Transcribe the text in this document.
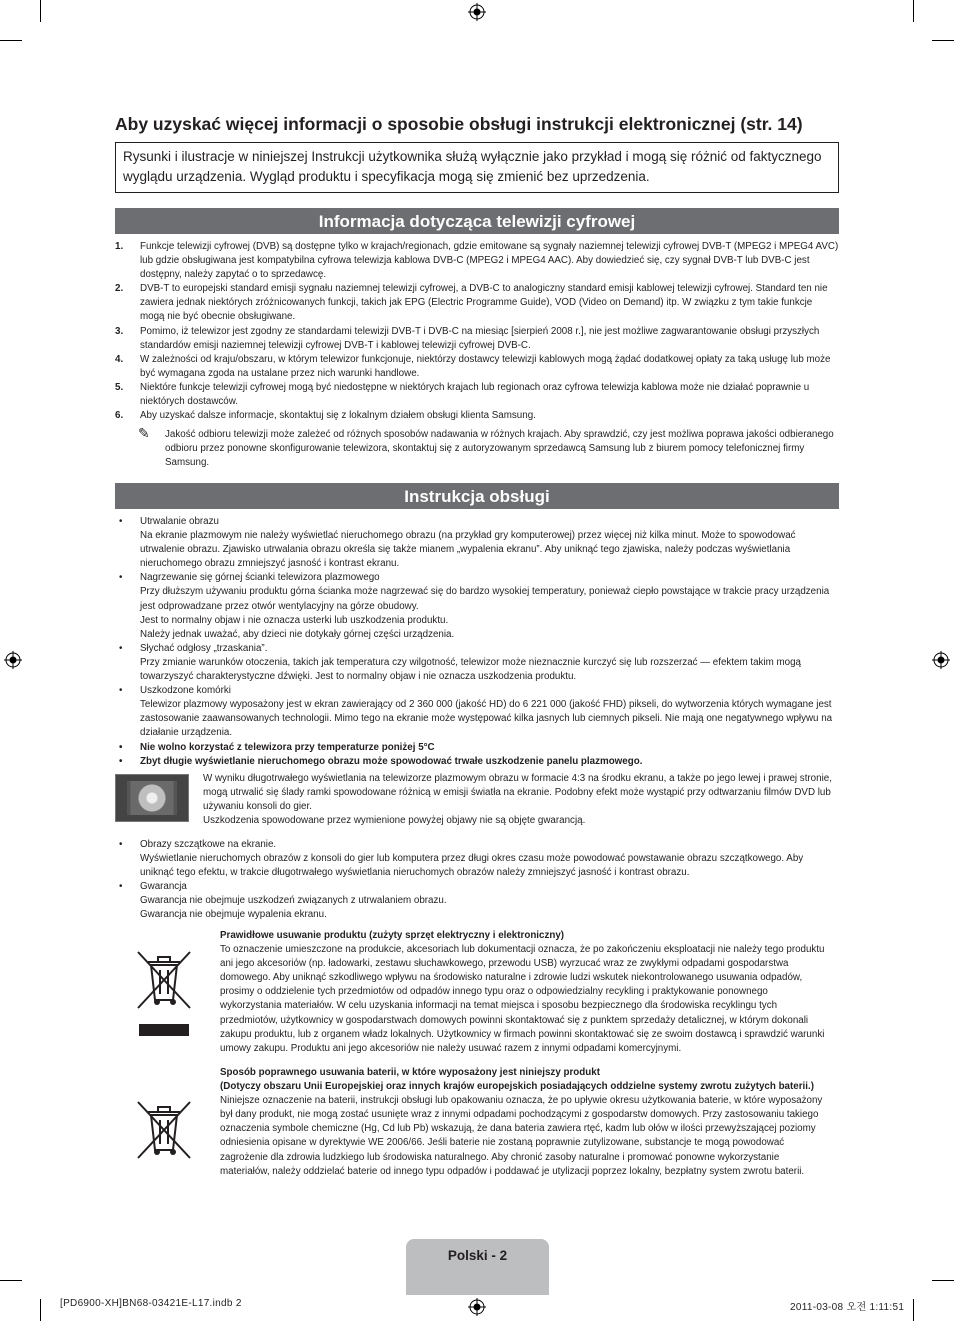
Aby uzyskać więcej informacji o sposobie obsługi instrukcji elektronicznej (str. 14)
Rysunki i ilustracje w niniejszej Instrukcji użytkownika służą wyłącznie jako przykład i mogą się różnić od faktycznego wyglądu urządzenia. Wygląd produktu i specyfikacja mogą się zmienić bez uprzedzenia.
Informacja dotycząca telewizji cyfrowej
1. Funkcje telewizji cyfrowej (DVB) są dostępne tylko w krajach/regionach, gdzie emitowane są sygnały naziemnej telewizji cyfrowej DVB-T (MPEG2 i MPEG4 AVC) lub gdzie obsługiwana jest kompatybilna cyfrowa telewizja kablowa DVB-C (MPEG2 i MPEG4 AAC). Aby dowiedzieć się, czy sygnał DVB-T lub DVB-C jest dostępny, należy zapytać o to sprzedawcę.
2. DVB-T to europejski standard emisji sygnału naziemnej telewizji cyfrowej, a DVB-C to analogiczny standard emisji kablowej telewizji cyfrowej. Standard ten nie zawiera jednak niektórych zróżnicowanych funkcji, takich jak EPG (Electric Programme Guide), VOD (Video on Demand) itp. W związku z tym takie funkcje mogą nie być obecnie obsługiwane.
3. Pomimo, iż telewizor jest zgodny ze standardami telewizji DVB-T i DVB-C na miesiąc [sierpień 2008 r.], nie jest możliwe zagwarantowanie obsługi przyszłych standardów emisji naziemnej telewizji cyfrowej DVB-T i kablowej telewizji cyfrowej DVB-C.
4. W zależności od kraju/obszaru, w którym telewizor funkcjonuje, niektórzy dostawcy telewizji kablowych mogą żądać dodatkowej opłaty za taką usługę lub może być wymagana zgoda na ustalane przez nich warunki handlowe.
5. Niektóre funkcje telewizji cyfrowej mogą być niedostępne w niektórych krajach lub regionach oraz cyfrowa telewizja kablowa może nie działać poprawnie u niektórych dostawców.
6. Aby uzyskać dalsze informacje, skontaktuj się z lokalnym działem obsługi klienta Samsung.
✎ Jakość odbioru telewizji może zależeć od różnych sposobów nadawania w różnych krajach. Aby sprawdzić, czy jest możliwa poprawa jakości odbieranego odbioru przez ponowne skonfigurowanie telewizora, skontaktuj się z autoryzowanym sprzedawcą Samsung lub z biurem pomocy telefonicznej firmy Samsung.
Instrukcja obsługi
• Utrwalanie obrazu
Na ekranie plazmowym nie należy wyświetlać nieruchomego obrazu (na przykład gry komputerowej) przez więcej niż kilka minut. Może to spowodować utrwalenie obrazu. Zjawisko utrwalania obrazu określa się także mianem „wypalenia ekranu”. Aby uniknąć tego zjawiska, należy podczas wyświetlania nieruchomego obrazu zmniejszyć jasność i kontrast ekranu.
• Nagrzewanie się górnej ścianki telewizora plazmowego
Przy dłuższym używaniu produktu górna ścianka może nagrzewać się do bardzo wysokiej temperatury, ponieważ ciepło powstające w trakcie pracy urządzenia jest odprowadzane przez otwór wentylacyjny na górze obudowy.
Jest to normalny objaw i nie oznacza usterki lub uszkodzenia produktu.
Należy jednak uważać, aby dzieci nie dotykały górnej części urządzenia.
• Słychać odgłosy „trzaskania”.
Przy zmianie warunków otoczenia, takich jak temperatura czy wilgotność, telewizor może nieznacznie kurczyć się lub rozszerzać — efektem takim mogą towarzyszyć charakterystyczne dźwięki. Jest to normalny objaw i nie oznacza uszkodzenia produktu.
• Uszkodzone komórki
Telewizor plazmowy wyposażony jest w ekran zawierający od 2 360 000 (jakość HD) do 6 221 000 (jakość FHD) pikseli, do wytworzenia których wymagane jest zastosowanie zaawansowanych technologii. Mimo tego na ekranie może występować kilka jasnych lub ciemnych pikseli. Nie mają one negatywnego wpływu na działanie urządzenia.
• Nie wolno korzystać z telewizora przy temperaturze poniżej 5°C
• Zbyt długie wyświetlanie nieruchomego obrazu może spowodować trwałe uszkodzenie panelu plazmowego.
W wyniku długotrwałego wyświetlania na telewizorze plazmowym obrazu w formacie 4:3 na środku ekranu, a także po jego lewej i prawej stronie, mogą utrwalić się ślady ramki spowodowane różnicą w emisji światła na ekranie. Podobny efekt może wystąpić przy odtwarzaniu filmów DVD lub używaniu konsoli do gier.
Uszkodzenia spowodowane przez wymienione powyżej objawy nie są objęte gwarancją.
• Obrazy szczątkowe na ekranie.
Wyświetlanie nieruchomych obrazów z konsoli do gier lub komputera przez długi okres czasu może powodować powstawanie obrazu szczątkowego. Aby uniknąć tego efektu, w trakcie długotrwałego wyświetlania nieruchomych obrazów należy zmniejszyć jasność i kontrast obrazu.
• Gwarancja
Gwarancja nie obejmuje uszkodzeń związanych z utrwalaniem obrazu.
Gwarancja nie obejmuje wypalenia ekranu.
Prawidłowe usuwanie produktu (zużyty sprzęt elektryczny i elektroniczny)
To oznaczenie umieszczone na produkcie, akcesoriach lub dokumentacji oznacza, że po zakończeniu eksploatacji nie należy tego produktu ani jego akcesoriów (np. ładowarki, zestawu słuchawkowego, przewodu USB) wyrzucać wraz ze zwykłymi odpadami gospodarstwa domowego. Aby uniknąć szkodliwego wpływu na środowisko naturalne i zdrowie ludzi wskutek niekontrolowanego usuwania odpadów, prosimy o oddzielenie tych przedmiotów od odpadów innego typu oraz o odpowiedzialny recykling i praktykowanie ponownego wykorzystania materiałów. W celu uzyskania informacji na temat miejsca i sposobu bezpiecznego dla środowiska recyklingu tych przedmiotów, użytkownicy w gospodarstwach domowych powinni skontaktować się z punktem sprzedaży detalicznej, w którym dokonali zakupu produktu, lub z organem władz lokalnych. Użytkownicy w firmach powinni skontaktować się ze swoim dostawcą i sprawdzić warunki umowy zakupu. Produktu ani jego akcesoriów nie należy usuwać razem z innymi odpadami komercyjnymi.
Sposób poprawnego usuwania baterii, w które wyposażony jest niniejszy produkt
(Dotyczy obszaru Unii Europejskiej oraz innych krajów europejskich posiadających oddzielne systemy zwrotu zużytych baterii.)
Niniejsze oznaczenie na baterii, instrukcji obsługi lub opakowaniu oznacza, że po upływie okresu użytkowania baterie, w które wyposażony był dany produkt, nie mogą zostać usunięte wraz z innymi odpadami pochodzącymi z gospodarstw domowych. Przy zastosowaniu takiego oznaczenia symbole chemiczne (Hg, Cd lub Pb) wskazują, że dana bateria zawiera rtęć, kadm lub ołów w ilości przewyższającej poziomy odniesienia opisane w dyrektywie WE 2006/66. Jeśli baterie nie zostaną poprawnie zutylizowane, substancje te mogą powodować zagrożenie dla zdrowia ludzkiego lub środowiska naturalnego. Aby chronić zasoby naturalne i promować ponowne wykorzystanie materiałów, należy oddzielać baterie od innego typu odpadów i poddawać je utylizacji poprzez lokalny, bezpłatny system zwrotu baterii.
Polski - 2
[PD6900-XH]BN68-03421E-L17.indb 2	2011-03-08 오전 1:11:51
